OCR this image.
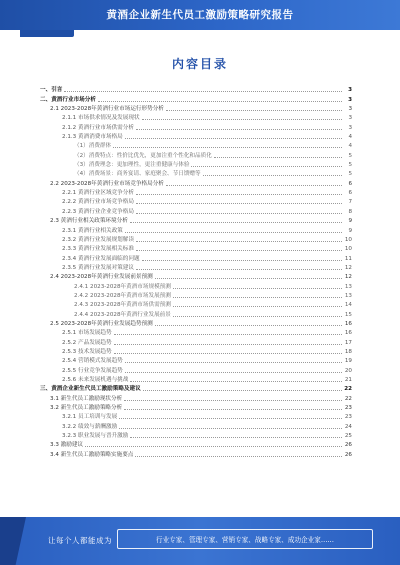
黄酒企业新生代员工激励策略研究报告
内容目录
一、引言	3
二、黄酒行业市场分析	3
2.1 2023-2028年黄酒行业市场运行形势分析	3
2.1.1 市场供求情况及发展现状	3
2.1.2 黄酒行业市场供需分析	3
2.1.3 黄酒消费市场格局	4
（1）消费群体	4
（2）消费特点：性价比优先，更加注重个性化和品质化	5
（3）消费理念：更加理性，更注重健康与体验	5
（4）消费场景：商务宴请、家庭聚会、节日馈赠等	5
2.2 2023-2028年黄酒行业市场竞争格局分析	6
2.2.1 黄酒行业区域竞争分析	6
2.2.2 黄酒行业市场竞争格局	7
2.2.3 黄酒行业企业竞争格局	8
2.3 黄酒行业相关政策环境分析	9
2.3.1 黄酒行业相关政策	9
2.3.2 黄酒行业发展规划解读	10
2.3.3 黄酒行业发展相关标准	10
2.3.4 黄酒行业发展面临的问题	11
2.3.5 黄酒行业发展对策建议	12
2.4 2023-2028年黄酒行业发展前景预测	12
2.4.1 2023-2028年黄酒市场规模预测	13
2.4.2 2023-2028年黄酒市场发展预测	13
2.4.3 2023-2028年黄酒市场供需预测	14
2.4.4 2023-2028年黄酒行业发展前景	15
2.5 2023-2028年黄酒行业发展趋势预测	16
2.5.1 市场发展趋势	16
2.5.2 产品发展趋势	17
2.5.3 技术发展趋势	18
2.5.4 营销模式发展趋势	19
2.5.5 行业竞争发展趋势	20
2.5.6 未来发展机遇与挑战	21
三、黄酒企业新生代员工激励策略及建议	22
3.1 新生代员工激励现状分析	22
3.2 新生代员工激励策略分析	23
3.2.1 员工培训与发展	23
3.2.2 绩效与薪酬激励	24
3.2.3 职业发展与晋升激励	25
3.3 激励建议	26
3.4 新生代员工激励策略实施要点	26
让每个人都能成为	行业专家、管理专家、营销专家、战略专家、成功企业家……
